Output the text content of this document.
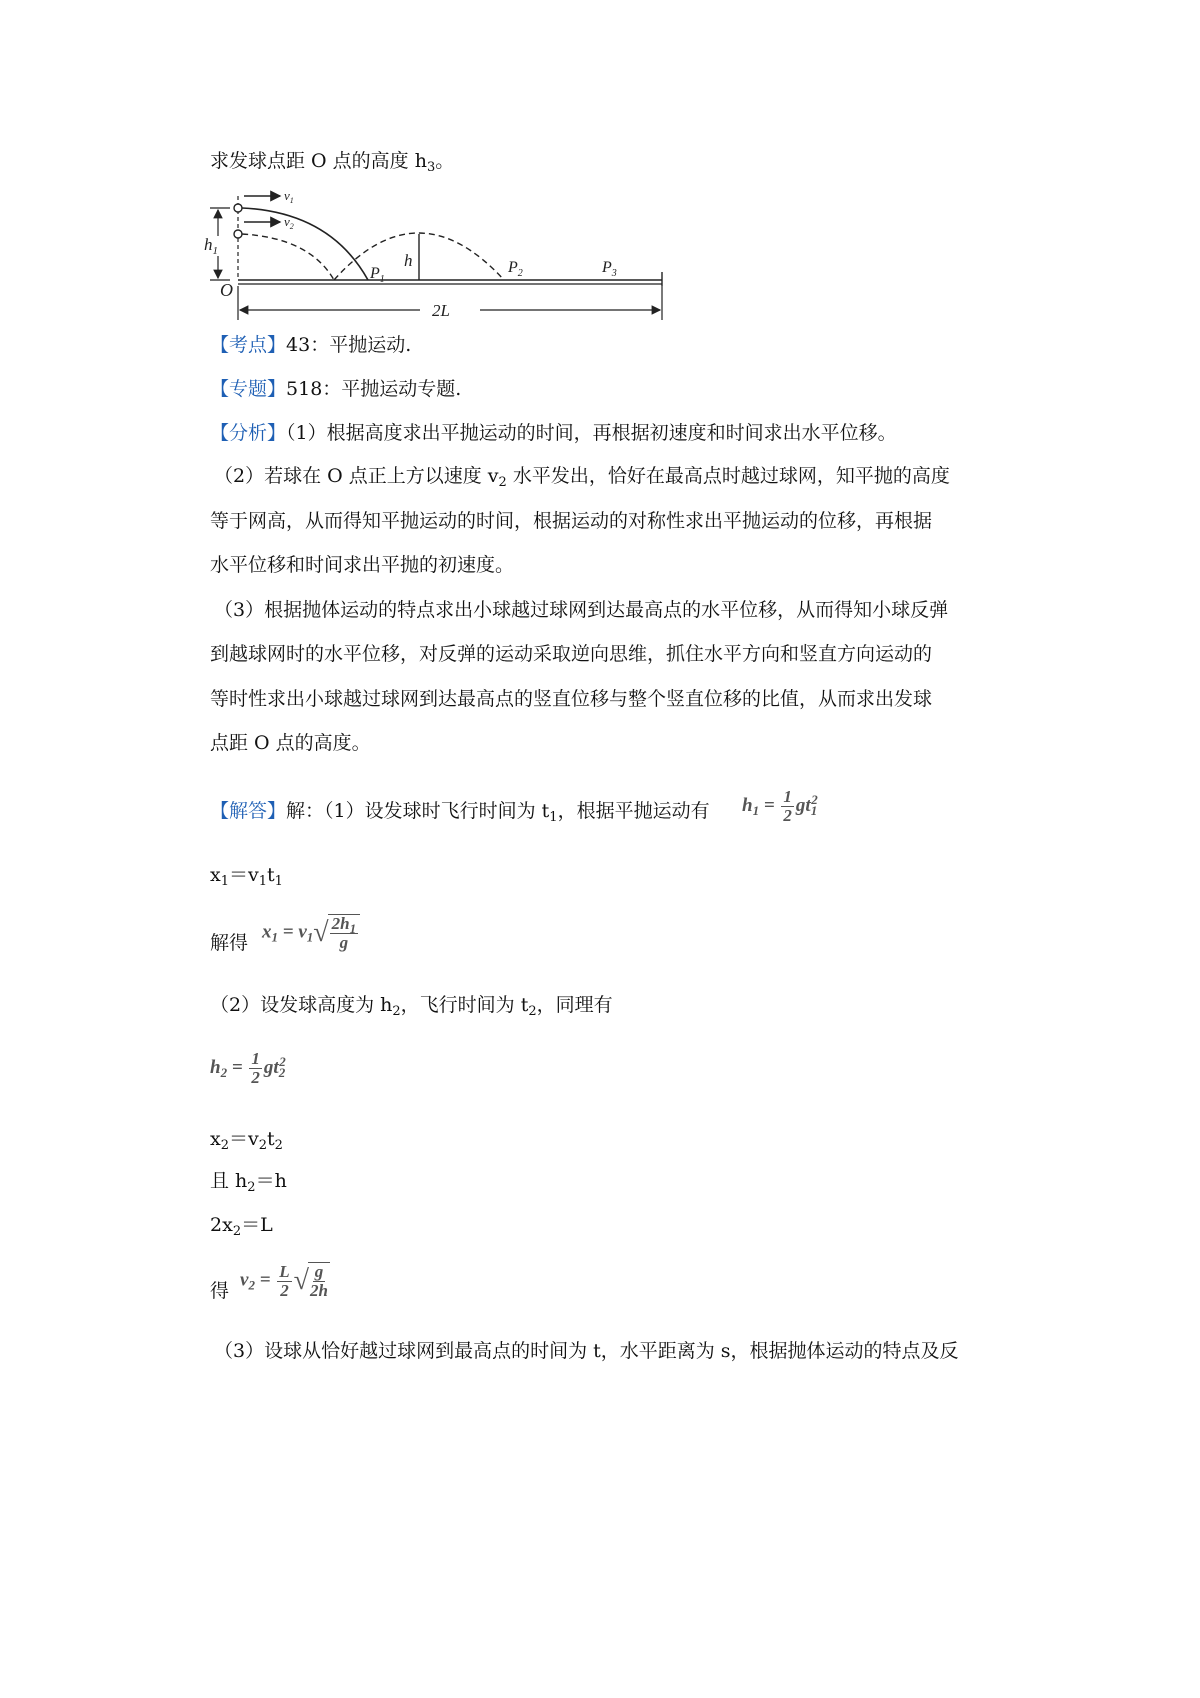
求发球点距 O 点的高度 $h_3$。
$v_1$
$v_2$
$h_1$
O
$P_1$
h	$P_2$	$P_3$
2L
【考点】43：平抛运动.
【专题】518：平抛运动专题.
【分析】（1）根据高度求出平抛运动的时间，再根据初速度和时间求出水平位移。
（2）若球在 O 点正上方以速度 $v_2$ 水平发出，恰好在最高点时越过球网，知平抛的高度
等于网高，从而得知平抛运动的时间，根据运动的对称性求出平抛运动的位移，再根据
水平位移和时间求出平抛的初速度。
（3）根据抛体运动的特点求出小球越过球网到达最高点的水平位移，从而得知小球反弹
到越球网时的水平位移，对反弹的运动采取逆向思维，抓住水平方向和竖直方向运动的
等时性求出小球越过球网到达最高点的竖直位移与整个竖直位移的比值，从而求出发球
点距 O 点的高度。
【解答】解：（1）设发球时飞行时间为 $t_1$，根据平抛运动有 $h_1 = \frac{1}{2} gt_1^2$
$x_1=v_1t_1$
解得
$x_1 = v_1$ √ $\frac{2h_1}{g}$
（2）设发球高度为 $h_2$，飞行时间为 $t_2$，同理有
$h_2 = \frac{1}{2} gt_2^2$
$x_2=v_2t_2$
且 $h_2=h$
$2x_2=L$
得
$v_2 = \frac{L}{2}$ √ $\frac{g}{2h}$
（3）设球从恰好越过球网到最高点的时间为 t，水平距离为 s，根据抛体运动的特点及反
